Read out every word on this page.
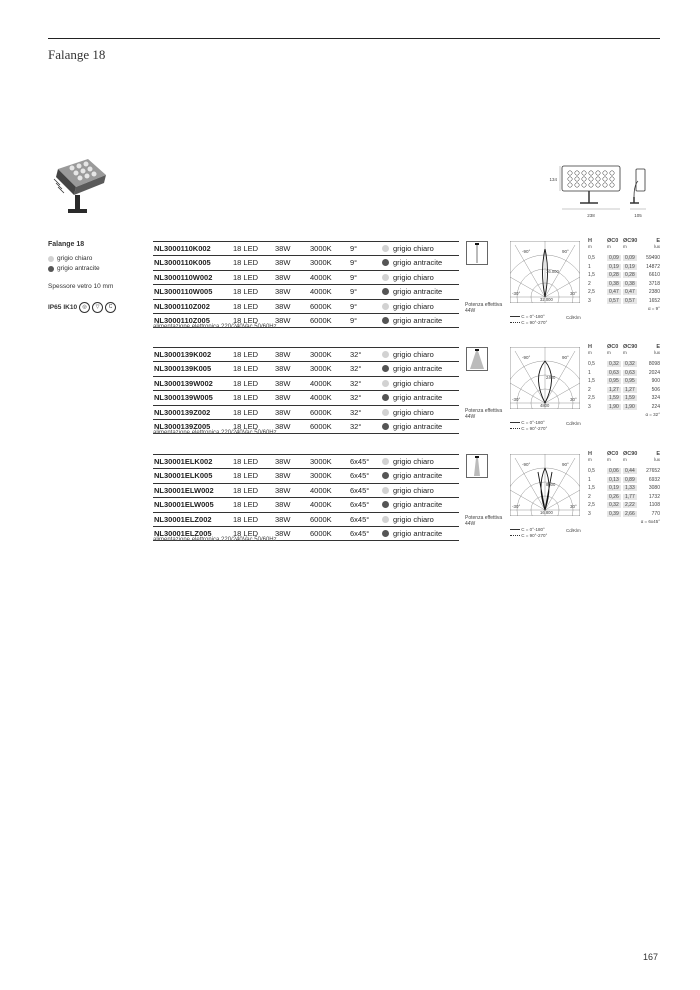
Falange 18
134
238	105
Falange 18
grigio chiaro
grigio antracite
Spessore vetro 10 mm
IP65 IK10	◎	▽	C
NL3000110K002	18 LED 38W	3000K 9°	grigio chiaro
NL3000110K005	18 LED 38W	3000K 9°	grigio antracite
NL3000110W002	18 LED 38W	4000K 9°	grigio chiaro
NL3000110W005	18 LED 38W	4000K 9°	grigio antracite
NL3000110Z002	18 LED 38W	6000K 9°	grigio chiaro
NL3000110Z005	18 LED 38W	6000K 9°	grigio antracite
alimentazione elettronica 220/240Vac 50/60Hz
Potenza effettiva
44W
-90°	90°
-30°	30°
16.000
32.000
Cd/Klm
C = 0°-180°
C = 90°-270°
H
m
ØC0
m
ØC90
m
E
lux
0,5	0,09	0,09	59490
1	0,19	0,19	14872
1,5	0,28	0,28	6610
2	0,38	0,38	3718
2,5	0,47	0,47	2380
3	0,57	0,57	1652
α = 9°
NL3000139K002	18 LED 38W	3000K 32°	grigio chiaro
NL3000139K005	18 LED 38W	3000K 32°	grigio antracite
NL3000139W002	18 LED 38W	4000K 32°	grigio chiaro
NL3000139W005	18 LED 38W	4000K 32°	grigio antracite
NL3000139Z002	18 LED 38W	6000K 32°	grigio chiaro
NL3000139Z005	18 LED 38W	6000K 32°	grigio antracite
alimentazione elettronica 220/240Vac 50/60Hz
Potenza effettiva
44W
-90°	90°
-30°	30°
2400
4800
Cd/Klm
C = 0°-180°
C = 90°-270°
H
m
ØC0
m
ØC90
m
E
lux
0,5	0,32	0,32	8098
1	0,63	0,63	2024
1,5	0,95	0,95	900
2	1,27	1,27	506
2,5	1,59	1,59	324
3	1,90	1,90	224
α = 32°
NL30001ELK002	18 LED 38W	3000K 6x45°	grigio chiaro
NL30001ELK005	18 LED 38W	3000K 6x45°	grigio antracite
NL30001ELW002	18 LED 38W	4000K 6x45°	grigio chiaro
NL30001ELW005	18 LED 38W	4000K 6x45°	grigio antracite
NL30001ELZ002	18 LED 38W	6000K 6x45°	grigio chiaro
NL30001ELZ005	18 LED 38W	6000K 6x45°	grigio antracite
alimentazione elettronica 220/240Vac 50/60Hz
Potenza effettiva
44W
-90°	90°
-30°	30°
8400
16.800
Cd/Klm
C = 0°-180°
C = 90°-270°
H
m
ØC0
m
ØC90
m
E
lux
0,5	0,06	0,44	27652
1	0,13	0,89	6932
1,5	0,19	1,33	3080
2	0,26	1,77	1732
2,5	0,32	2,22	1108
3	0,39	2,66	770
α = 6x45°
167
